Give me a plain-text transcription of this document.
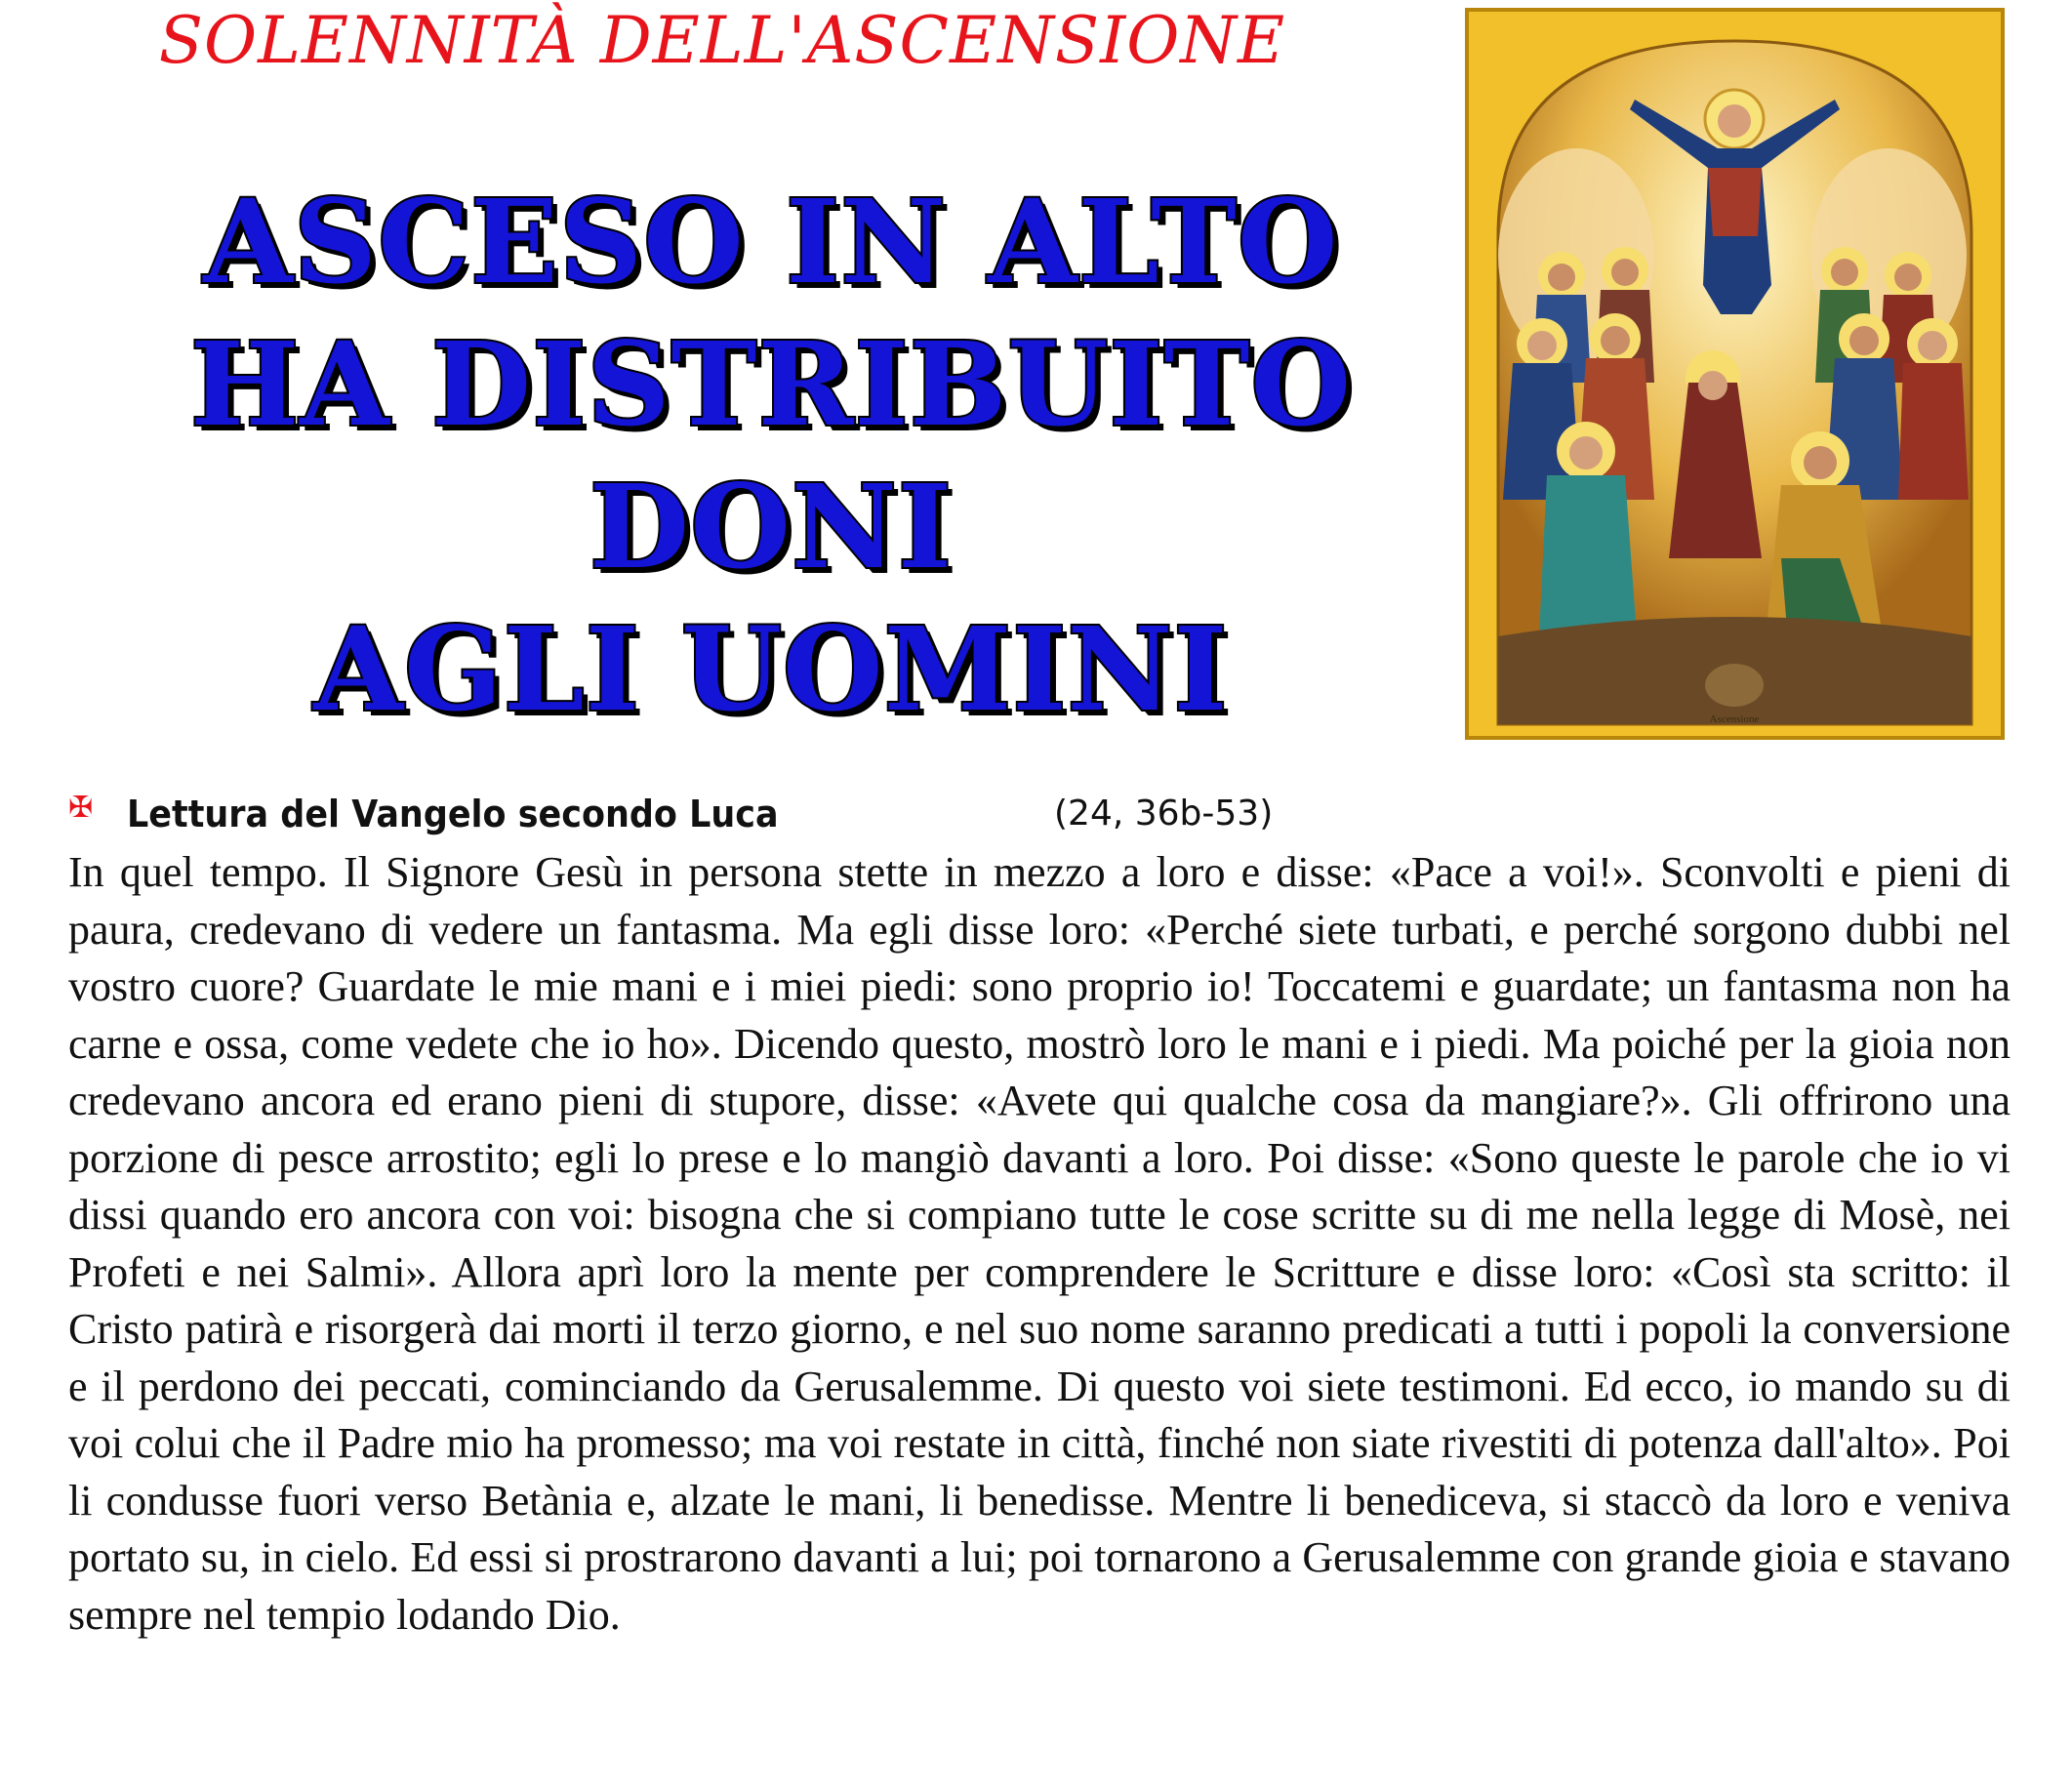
SOLENNITÀ DELL'ASCENSIONE
ASCESO IN ALTO
HA DISTRIBUITO
DONI
AGLI UOMINI	Ascensione
✠ Lettura del Vangelo secondo Luca	(24, 36b-53)

In quel tempo. Il Signore Gesù in persona stette in mezzo a loro e disse: «Pace a voi!». Sconvolti e pieni di paura, credevano di vedere un fantasma. Ma egli disse loro: «Perché siete turbati, e perché sorgono dubbi nel vostro cuore? Guardate le mie mani e i miei piedi: sono proprio io! Toccatemi e guardate; un fantasma non ha carne e ossa, come vedete che io ho». Dicendo questo, mostrò loro le mani e i piedi. Ma poiché per la gioia non credevano ancora ed erano pieni di stupore, disse: «Avete qui qualche cosa da mangiare?». Gli offrirono una porzione di pesce arrostito; egli lo prese e lo mangiò davanti a loro. Poi disse: «Sono queste le parole che io vi dissi quando ero ancora con voi: bisogna che si compiano tutte le cose scritte su di me nella legge di Mosè, nei Profeti e nei Salmi». Allora aprì loro la mente per comprendere le Scritture e disse loro: «Così sta scritto: il Cristo patirà e risorgerà dai morti il terzo giorno, e nel suo nome saranno predicati a tutti i popoli la conversione e il perdono dei peccati, cominciando da Gerusalemme. Di questo voi siete testimoni. Ed ecco, io mando su di voi colui che il Padre mio ha promesso; ma voi restate in città, finché non siate rivestiti di potenza dall'alto». Poi li condusse fuori verso Betània e, alzate le mani, li benedisse. Mentre li benediceva, si staccò da loro e veniva portato su, in cielo. Ed essi si prostrarono davanti a lui; poi tornarono a Gerusalemme con grande gioia e stavano sempre nel tempio lodando Dio.
